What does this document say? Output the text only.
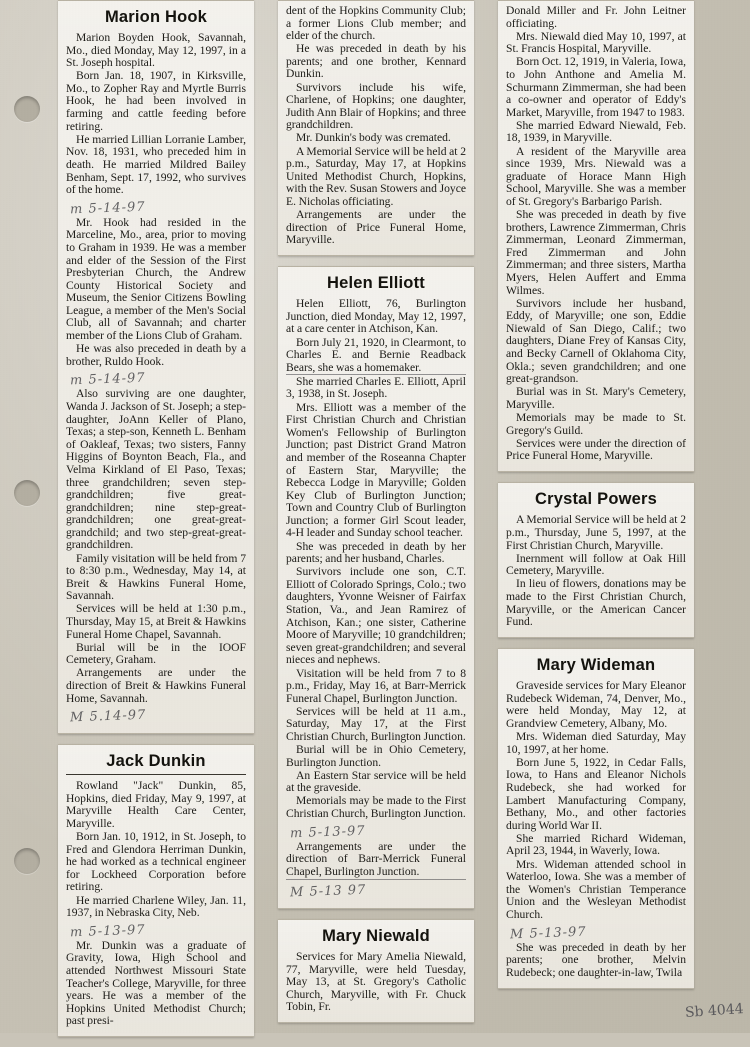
Marion Hook

Marion Boyden Hook, Savannah, Mo., died Monday, May 12, 1997, in a St. Joseph hospital.

Born Jan. 18, 1907, in Kirksville, Mo., to Zopher Ray and Myrtle Burris Hook, he had been involved in farming and cattle feeding before retiring.

He married Lillian Lorranie Lamber, Nov. 18, 1931, who preceded him in death. He married Mildred Bailey Benham, Sept. 17, 1992, who survives of the home.

m 5-14-97

Mr. Hook had resided in the Marceline, Mo., area, prior to moving to Graham in 1939. He was a member and elder of the Session of the First Presbyterian Church, the Andrew County Historical Society and Museum, the Senior Citizens Bowling League, a member of the Men's Social Club, all of Savannah; and charter member of the Lions Club of Graham.

He was also preceded in death by a brother, Ruldo Hook.

m 5-14-97

Also surviving are one daughter, Wanda J. Jackson of St. Joseph; a step-daughter, JoAnn Keller of Plano, Texas; a step-son, Kenneth L. Benham of Oakleaf, Texas; two sisters, Fanny Higgins of Boynton Beach, Fla., and Velma Kirkland of El Paso, Texas; three grandchildren; seven step-grandchildren; five great-grandchildren; nine step-great-grandchildren; one great-great-grandchild; and two step-great-great-grandchildren.

Family visitation will be held from 7 to 8:30 p.m., Wednesday, May 14, at Breit & Hawkins Funeral Home, Savannah.

Services will be held at 1:30 p.m., Thursday, May 15, at Breit & Hawkins Funeral Home Chapel, Savannah.

Burial will be in the IOOF Cemetery, Graham.

Arrangements are under the direction of Breit & Hawkins Funeral Home, Savannah.

M 5.14-97
Jack Dunkin

Rowland "Jack" Dunkin, 85, Hopkins, died Friday, May 9, 1997, at Maryville Health Care Center, Maryville.

Born Jan. 10, 1912, in St. Joseph, to Fred and Glendora Herriman Dunkin, he had worked as a technical engineer for Lockheed Corporation before retiring.

He married Charlene Wiley, Jan. 11, 1937, in Nebraska City, Neb.

m 5-13-97

Mr. Dunkin was a graduate of Gravity, Iowa, High School and attended Northwest Missouri State Teacher's College, Maryville, for three years. He was a member of the Hopkins United Methodist Church; past presi-

dent of the Hopkins Community Club; a former Lions Club member; and elder of the church.

He was preceded in death by his parents; and one brother, Kennard Dunkin.

Survivors include his wife, Charlene, of Hopkins; one daughter, Judith Ann Blair of Hopkins; and three grandchildren.

Mr. Dunkin's body was cremated.

A Memorial Service will be held at 2 p.m., Saturday, May 17, at Hopkins United Methodist Church, Hopkins, with the Rev. Susan Stowers and Joyce E. Nicholas officiating.

Arrangements are under the direction of Price Funeral Home, Maryville.

Helen Elliott

Helen Elliott, 76, Burlington Junction, died Monday, May 12, 1997, at a care center in Atchison, Kan.

Born July 21, 1920, in Clearmont, to Charles E. and Bernie Readback Bears, she was a homemaker.

She married Charles E. Elliott, April 3, 1938, in St. Joseph.

Mrs. Elliott was a member of the First Christian Church and Christian Women's Fellowship of Burlington Junction; past District Grand Matron and member of the Roseanna Chapter of Eastern Star, Maryville; the Rebecca Lodge in Maryville; Golden Key Club of Burlington Junction; Town and Country Club of Burlington Junction; a former Girl Scout leader, 4-H leader and Sunday school teacher.

She was preceded in death by her parents; and her husband, Charles.

Survivors include one son, C.T. Elliott of Colorado Springs, Colo.; two daughters, Yvonne Weisner of Fairfax Station, Va., and Jean Ramirez of Atchison, Kan.; one sister, Catherine Moore of Maryville; 10 grandchildren; seven great-grandchildren; and several nieces and nephews.

Visitation will be held from 7 to 8 p.m., Friday, May 16, at Barr-Merrick Funeral Chapel, Burlington Junction.

Services will be held at 11 a.m., Saturday, May 17, at the First Christian Church, Burlington Junction.

Burial will be in Ohio Cemetery, Burlington Junction.

An Eastern Star service will be held at the graveside.

Memorials may be made to the First Christian Church, Burlington Junction.

m 5-13-97

Arrangements are under the direction of Barr-Merrick Funeral Chapel, Burlington Junction.

M 5-13 97
Mary Niewald

Services for Mary Amelia Niewald, 77, Maryville, were held Tuesday, May 13, at St. Gregory's Catholic Church, Maryville, with Fr. Chuck Tobin, Fr.

Donald Miller and Fr. John Leitner officiating.

Mrs. Niewald died May 10, 1997, at St. Francis Hospital, Maryville.

Born Oct. 12, 1919, in Valeria, Iowa, to John Anthone and Amelia M. Schurmann Zimmerman, she had been a co-owner and operator of Eddy's Market, Maryville, from 1947 to 1983.

She married Edward Niewald, Feb. 18, 1939, in Maryville.

A resident of the Maryville area since 1939, Mrs. Niewald was a graduate of Horace Mann High School, Maryville. She was a member of St. Gregory's Barbarigo Parish.

She was preceded in death by five brothers, Lawrence Zimmerman, Chris Zimmerman, Leonard Zimmerman, Fred Zimmerman and John Zimmerman; and three sisters, Martha Myers, Helen Auffert and Emma Wilmes.

Survivors include her husband, Eddy, of Maryville; one son, Eddie Niewald of San Diego, Calif.; two daughters, Diane Frey of Kansas City, and Becky Carnell of Oklahoma City, Okla.; seven grandchildren; and one great-grandson.

Burial was in St. Mary's Cemetery, Maryville.

Memorials may be made to St. Gregory's Guild.

Services were under the direction of Price Funeral Home, Maryville.

Crystal Powers

A Memorial Service will be held at 2 p.m., Thursday, June 5, 1997, at the First Christian Church, Maryville.

Inernment will follow at Oak Hill Cemetery, Maryville.

In lieu of flowers, donations may be made to the First Christian Church, Maryville, or the American Cancer Fund.

Mary Wideman

Graveside services for Mary Eleanor Rudebeck Wideman, 74, Denver, Mo., were held Monday, May 12, at Grandview Cemetery, Albany, Mo.

Mrs. Wideman died Saturday, May 10, 1997, at her home.

Born June 5, 1922, in Cedar Falls, Iowa, to Hans and Eleanor Nichols Rudebeck, she had worked for Lambert Manufacturing Company, Bethany, Mo., and other factories during World War II.

She married Richard Wideman, April 23, 1944, in Waverly, Iowa.

Mrs. Wideman attended school in Waterloo, Iowa. She was a member of the Women's Christian Temperance Union and the Wesleyan Methodist Church.

M 5-13-97

She was preceded in death by her parents; one brother, Melvin Rudebeck; one daughter-in-law, Twila

Sb 4044
